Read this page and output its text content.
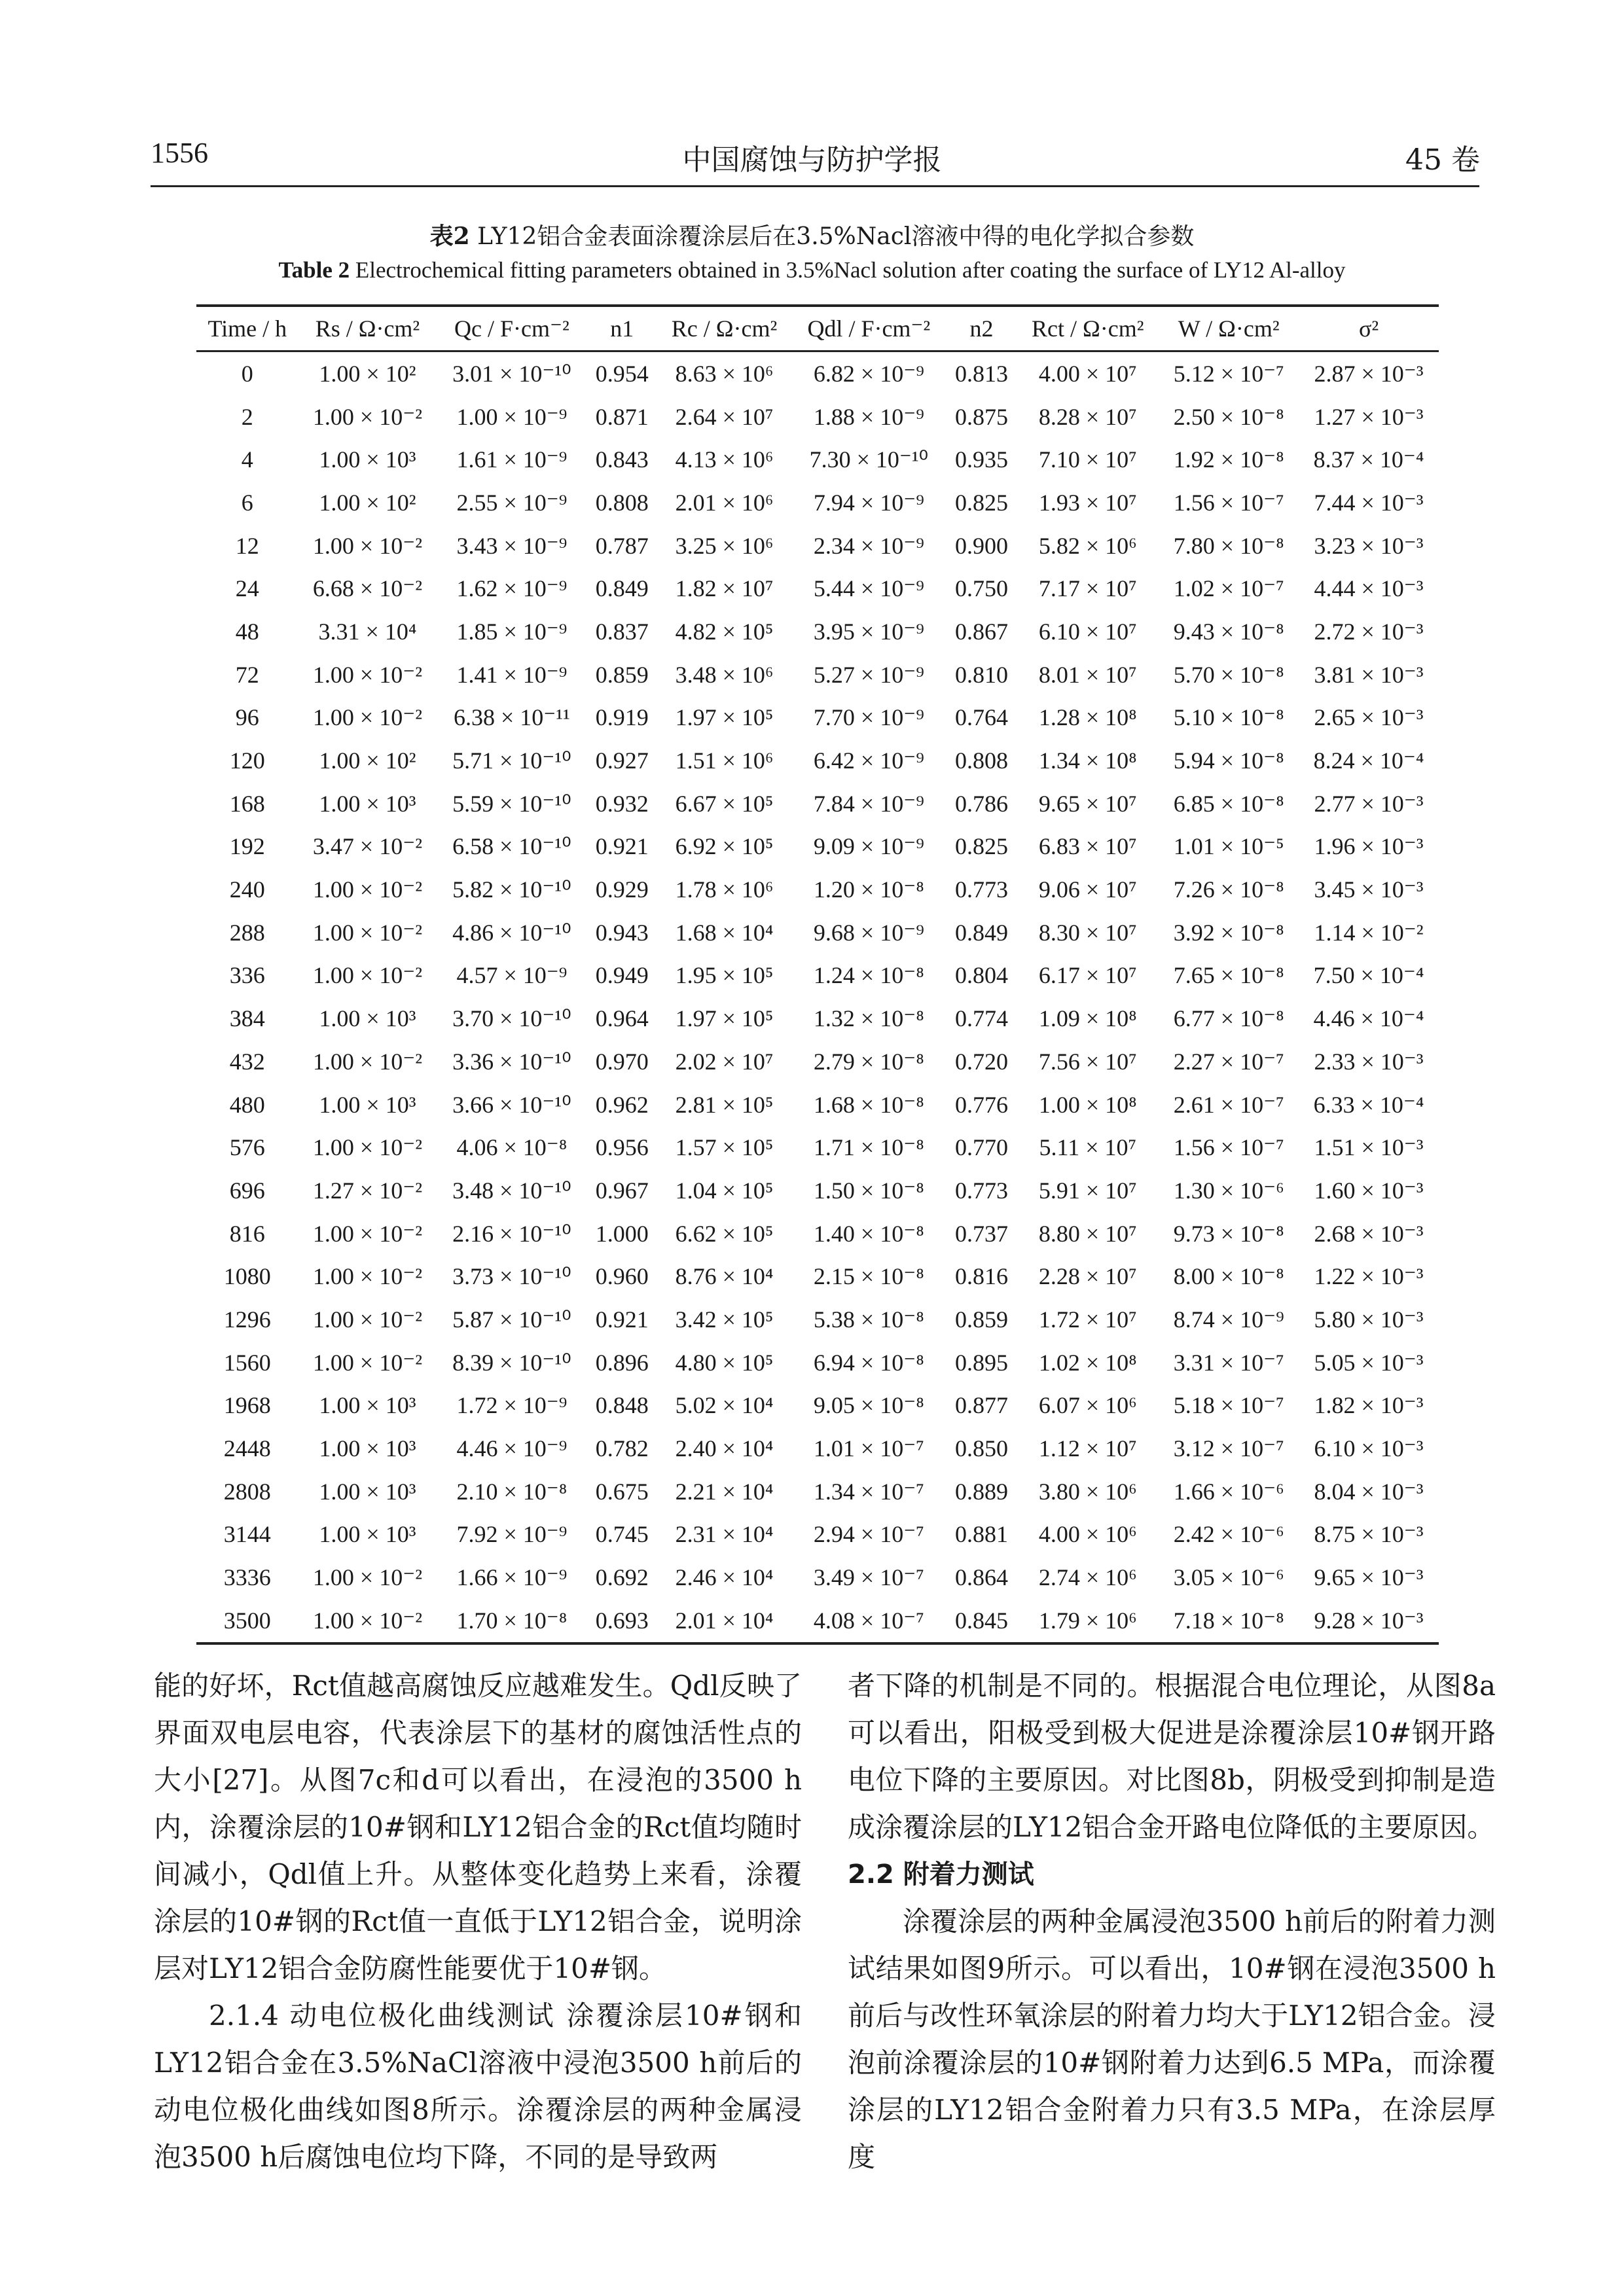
中国腐蚀与防护学报
1556	45 卷
表2 LY12铝合金表面涂覆涂层后在3.5%Nacl溶液中得的电化学拟合参数
Table 2 Electrochemical fitting parameters obtained in 3.5%Nacl solution after coating the surface of LY12 Al-alloy
Time / h	Rs / Ω·cm²	Qc / F·cm⁻²	n1	Rc / Ω·cm²	Qdl / F·cm⁻²	n2	Rct / Ω·cm²	W / Ω·cm²	σ²
0	1.00 × 10²	3.01 × 10⁻¹⁰	0.954	8.63 × 10⁶	6.82 × 10⁻⁹	0.813	4.00 × 10⁷	5.12 × 10⁻⁷	2.87 × 10⁻³
2	1.00 × 10⁻²	1.00 × 10⁻⁹	0.871	2.64 × 10⁷	1.88 × 10⁻⁹	0.875	8.28 × 10⁷	2.50 × 10⁻⁸	1.27 × 10⁻³
4	1.00 × 10³	1.61 × 10⁻⁹	0.843	4.13 × 10⁶	7.30 × 10⁻¹⁰	0.935	7.10 × 10⁷	1.92 × 10⁻⁸	8.37 × 10⁻⁴
6	1.00 × 10²	2.55 × 10⁻⁹	0.808	2.01 × 10⁶	7.94 × 10⁻⁹	0.825	1.93 × 10⁷	1.56 × 10⁻⁷	7.44 × 10⁻³
12	1.00 × 10⁻²	3.43 × 10⁻⁹	0.787	3.25 × 10⁶	2.34 × 10⁻⁹	0.900	5.82 × 10⁶	7.80 × 10⁻⁸	3.23 × 10⁻³
24	6.68 × 10⁻²	1.62 × 10⁻⁹	0.849	1.82 × 10⁷	5.44 × 10⁻⁹	0.750	7.17 × 10⁷	1.02 × 10⁻⁷	4.44 × 10⁻³
48	3.31 × 10⁴	1.85 × 10⁻⁹	0.837	4.82 × 10⁵	3.95 × 10⁻⁹	0.867	6.10 × 10⁷	9.43 × 10⁻⁸	2.72 × 10⁻³
72	1.00 × 10⁻²	1.41 × 10⁻⁹	0.859	3.48 × 10⁶	5.27 × 10⁻⁹	0.810	8.01 × 10⁷	5.70 × 10⁻⁸	3.81 × 10⁻³
96	1.00 × 10⁻²	6.38 × 10⁻¹¹	0.919	1.97 × 10⁵	7.70 × 10⁻⁹	0.764	1.28 × 10⁸	5.10 × 10⁻⁸	2.65 × 10⁻³
120	1.00 × 10²	5.71 × 10⁻¹⁰	0.927	1.51 × 10⁶	6.42 × 10⁻⁹	0.808	1.34 × 10⁸	5.94 × 10⁻⁸	8.24 × 10⁻⁴
168	1.00 × 10³	5.59 × 10⁻¹⁰	0.932	6.67 × 10⁵	7.84 × 10⁻⁹	0.786	9.65 × 10⁷	6.85 × 10⁻⁸	2.77 × 10⁻³
192	3.47 × 10⁻²	6.58 × 10⁻¹⁰	0.921	6.92 × 10⁵	9.09 × 10⁻⁹	0.825	6.83 × 10⁷	1.01 × 10⁻⁵	1.96 × 10⁻³
240	1.00 × 10⁻²	5.82 × 10⁻¹⁰	0.929	1.78 × 10⁶	1.20 × 10⁻⁸	0.773	9.06 × 10⁷	7.26 × 10⁻⁸	3.45 × 10⁻³
288	1.00 × 10⁻²	4.86 × 10⁻¹⁰	0.943	1.68 × 10⁴	9.68 × 10⁻⁹	0.849	8.30 × 10⁷	3.92 × 10⁻⁸	1.14 × 10⁻²
336	1.00 × 10⁻²	4.57 × 10⁻⁹	0.949	1.95 × 10⁵	1.24 × 10⁻⁸	0.804	6.17 × 10⁷	7.65 × 10⁻⁸	7.50 × 10⁻⁴
384	1.00 × 10³	3.70 × 10⁻¹⁰	0.964	1.97 × 10⁵	1.32 × 10⁻⁸	0.774	1.09 × 10⁸	6.77 × 10⁻⁸	4.46 × 10⁻⁴
432	1.00 × 10⁻²	3.36 × 10⁻¹⁰	0.970	2.02 × 10⁷	2.79 × 10⁻⁸	0.720	7.56 × 10⁷	2.27 × 10⁻⁷	2.33 × 10⁻³
480	1.00 × 10³	3.66 × 10⁻¹⁰	0.962	2.81 × 10⁵	1.68 × 10⁻⁸	0.776	1.00 × 10⁸	2.61 × 10⁻⁷	6.33 × 10⁻⁴
576	1.00 × 10⁻²	4.06 × 10⁻⁸	0.956	1.57 × 10⁵	1.71 × 10⁻⁸	0.770	5.11 × 10⁷	1.56 × 10⁻⁷	1.51 × 10⁻³
696	1.27 × 10⁻²	3.48 × 10⁻¹⁰	0.967	1.04 × 10⁵	1.50 × 10⁻⁸	0.773	5.91 × 10⁷	1.30 × 10⁻⁶	1.60 × 10⁻³
816	1.00 × 10⁻²	2.16 × 10⁻¹⁰	1.000	6.62 × 10⁵	1.40 × 10⁻⁸	0.737	8.80 × 10⁷	9.73 × 10⁻⁸	2.68 × 10⁻³
1080	1.00 × 10⁻²	3.73 × 10⁻¹⁰	0.960	8.76 × 10⁴	2.15 × 10⁻⁸	0.816	2.28 × 10⁷	8.00 × 10⁻⁸	1.22 × 10⁻³
1296	1.00 × 10⁻²	5.87 × 10⁻¹⁰	0.921	3.42 × 10⁵	5.38 × 10⁻⁸	0.859	1.72 × 10⁷	8.74 × 10⁻⁹	5.80 × 10⁻³
1560	1.00 × 10⁻²	8.39 × 10⁻¹⁰	0.896	4.80 × 10⁵	6.94 × 10⁻⁸	0.895	1.02 × 10⁸	3.31 × 10⁻⁷	5.05 × 10⁻³
1968	1.00 × 10³	1.72 × 10⁻⁹	0.848	5.02 × 10⁴	9.05 × 10⁻⁸	0.877	6.07 × 10⁶	5.18 × 10⁻⁷	1.82 × 10⁻³
2448	1.00 × 10³	4.46 × 10⁻⁹	0.782	2.40 × 10⁴	1.01 × 10⁻⁷	0.850	1.12 × 10⁷	3.12 × 10⁻⁷	6.10 × 10⁻³
2808	1.00 × 10³	2.10 × 10⁻⁸	0.675	2.21 × 10⁴	1.34 × 10⁻⁷	0.889	3.80 × 10⁶	1.66 × 10⁻⁶	8.04 × 10⁻³
3144	1.00 × 10³	7.92 × 10⁻⁹	0.745	2.31 × 10⁴	2.94 × 10⁻⁷	0.881	4.00 × 10⁶	2.42 × 10⁻⁶	8.75 × 10⁻³
3336	1.00 × 10⁻²	1.66 × 10⁻⁹	0.692	2.46 × 10⁴	3.49 × 10⁻⁷	0.864	2.74 × 10⁶	3.05 × 10⁻⁶	9.65 × 10⁻³
3500	1.00 × 10⁻²	1.70 × 10⁻⁸	0.693	2.01 × 10⁴	4.08 × 10⁻⁷	0.845	1.79 × 10⁶	7.18 × 10⁻⁸	9.28 × 10⁻³

能的好坏，Rct值越高腐蚀反应越难发生。Qdl反映了界面双电层电容，代表涂层下的基材的腐蚀活性点的大小[27]。从图7c和d可以看出，在浸泡的3500 h内，涂覆涂层的10#钢和LY12铝合金的Rct值均随时间减小，Qdl值上升。从整体变化趋势上来看，涂覆涂层的10#钢的Rct值一直低于LY12铝合金，说明涂层对LY12铝合金防腐性能要优于10#钢。

2.1.4 动电位极化曲线测试 涂覆涂层10#钢和LY12铝合金在3.5%NaCl溶液中浸泡3500 h前后的动电位极化曲线如图8所示。涂覆涂层的两种金属浸泡3500 h后腐蚀电位均下降，不同的是导致两

者下降的机制是不同的。根据混合电位理论，从图8a可以看出，阳极受到极大促进是涂覆涂层10#钢开路电位下降的主要原因。对比图8b，阴极受到抑制是造成涂覆涂层的LY12铝合金开路电位降低的主要原因。

2.2 附着力测试

涂覆涂层的两种金属浸泡3500 h前后的附着力测试结果如图9所示。可以看出，10#钢在浸泡3500 h前后与改性环氧涂层的附着力均大于LY12铝合金。浸泡前涂覆涂层的10#钢附着力达到6.5 MPa，而涂覆涂层的LY12铝合金附着力只有3.5 MPa，在涂层厚度
